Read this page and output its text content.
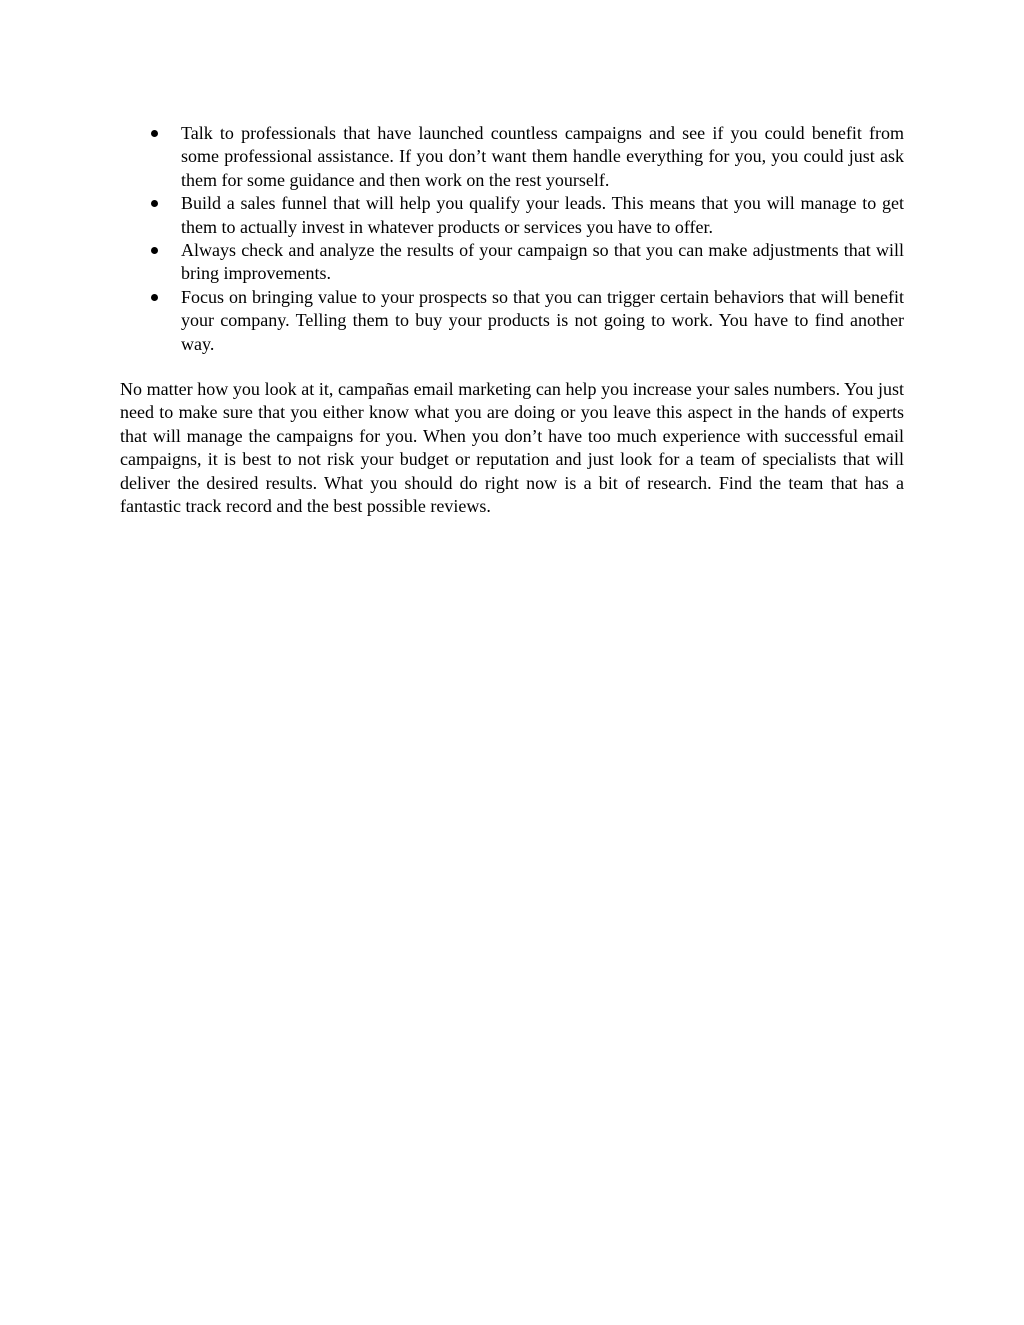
Talk to professionals that have launched countless campaigns and see if you could benefit from some professional assistance. If you don’t want them handle everything for you, you could just ask them for some guidance and then work on the rest yourself.
Build a sales funnel that will help you qualify your leads. This means that you will manage to get them to actually invest in whatever products or services you have to offer.
Always check and analyze the results of your campaign so that you can make adjustments that will bring improvements.
Focus on bringing value to your prospects so that you can trigger certain behaviors that will benefit your company. Telling them to buy your products is not going to work. You have to find another way.

No matter how you look at it, campañas email marketing can help you increase your sales numbers. You just need to make sure that you either know what you are doing or you leave this aspect in the hands of experts that will manage the campaigns for you. When you don’t have too much experience with successful email campaigns, it is best to not risk your budget or reputation and just look for a team of specialists that will deliver the desired results. What you should do right now is a bit of research. Find the team that has a fantastic track record and the best possible reviews.
